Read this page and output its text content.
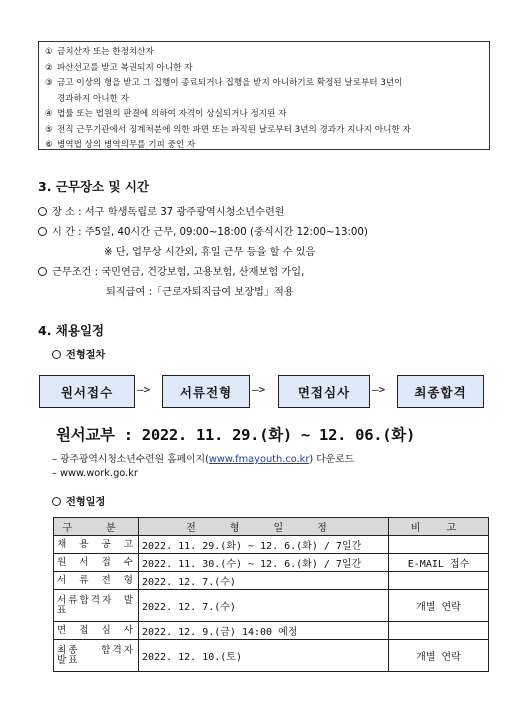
① 금치산자 또는 한정치산자
② 파산선고를 받고 복권되지 아니한 자
③ 금고 이상의 형을 받고 그 집행이 종료되거나 집행을 받지 아니하기로 확정된 날로부터 3년이
경과하지 아니한 자
④ 법률 또는 법원의 판결에 의하여 자격이 상실되거나 정지된 자
⑤ 전직 근무기관에서 징계처분에 의한 파면 또는 파직된 날로부터 3년의 경과가 지나지 아니한 자
⑥ 병역법 상의 병역의무를 기피 중인 자
3. 근무장소 및 시간
장 소 : 서구 학생독립로 37 광주광역시청소년수련원
시 간 : 주5일, 40시간 근무, 09:00~18:00 (중식시간 12:00~13:00)
※ 단, 업무상 시간외, 휴일 근무 등을 할 수 있음
근무조건 : 국민연금, 건강보험, 고용보험, 산재보험 가입,
퇴직급여 :「근로자퇴직급여 보장법」적용
4. 채용일정
전형절차
원서접수	–>	서류전형	–>	면접심사	–>	최종합격
원서교부 : 2022. 11. 29.(화) ~ 12. 06.(화)
– 광주광역시청소년수련원 홈페이지(www.fmayouth.co.kr) 다운로드
– www.work.go.kr
전형일정
구 분	전 형 일 정	비 고
채 용 공 고	2022. 11. 29.(화) ~ 12. 6.(화) / 7일간	
원 서 접 수	2022. 11. 30.(수) ~ 12. 6.(화) / 7일간	E-MAIL 접수
서 류 전 형	2022. 12. 7.(수)	
서류합격자 발표	2022. 12. 7.(수)	개별 연락
면 접 심 사	2022. 12. 9.(금) 14:00 예정	
최종 합격자 발표	2022. 12. 10.(토)	개별 연락
